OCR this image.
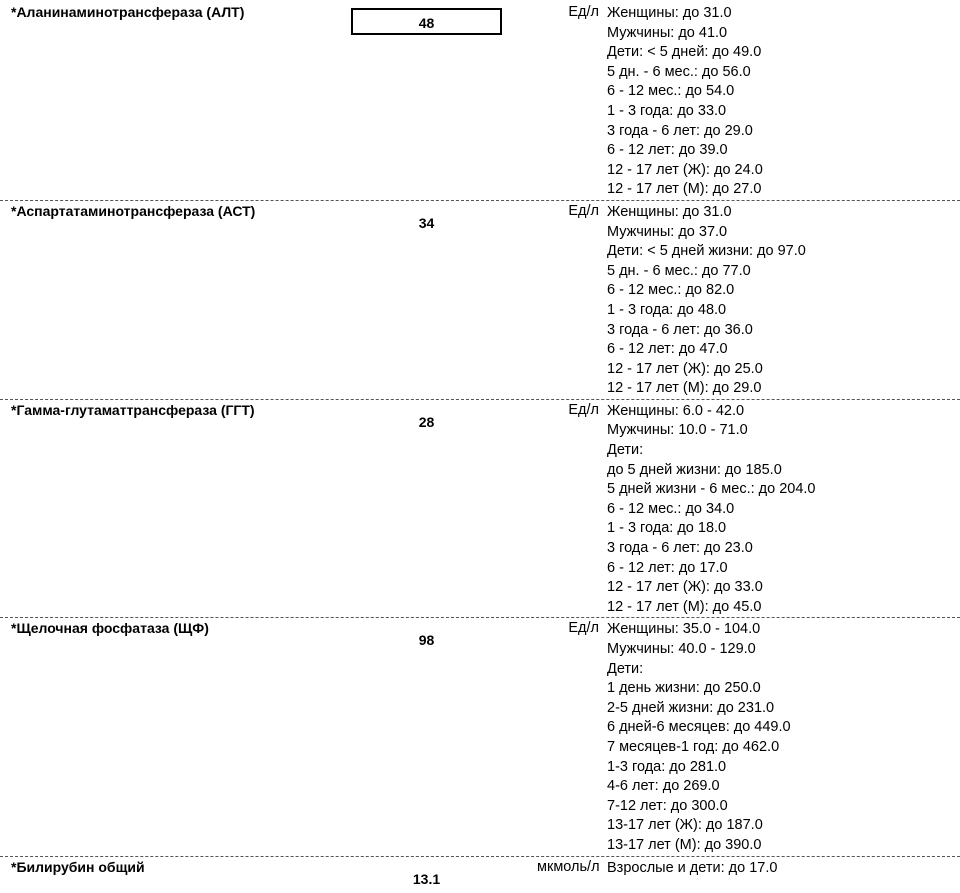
*Аланинаминотрансфераза (АЛТ)
48
Ед/л Женщины: до 31.0
Мужчины: до 41.0
Дети: < 5 дней: до 49.0
5 дн. - 6 мес.: до 56.0
6 - 12 мес.: до 54.0
1 - 3 года: до 33.0
3 года - 6 лет: до 29.0
6 - 12 лет: до 39.0
12 - 17 лет (Ж): до 24.0
12 - 17 лет (М): до 27.0
*Аспартатаминотрансфераза (АСТ)
34
Ед/л Женщины: до 31.0
Мужчины: до 37.0
Дети: < 5 дней жизни: до 97.0
5 дн. - 6 мес.: до 77.0
6 - 12 мес.: до 82.0
1 - 3 года: до 48.0
3 года - 6 лет: до 36.0
6 - 12 лет: до 47.0
12 - 17 лет (Ж): до 25.0
12 - 17 лет (М): до 29.0
*Гамма-глутаматтрансфераза (ГГТ)
28
Ед/л Женщины: 6.0 - 42.0
Мужчины: 10.0 - 71.0
Дети:
до 5 дней жизни: до 185.0
5 дней жизни - 6 мес.: до 204.0
6 - 12 мес.: до 34.0
1 - 3 года: до 18.0
3 года - 6 лет: до 23.0
6 - 12 лет: до 17.0
12 - 17 лет (Ж): до 33.0
12 - 17 лет (М): до 45.0
*Щелочная фосфатаза (ЩФ)
98
Ед/л Женщины: 35.0 - 104.0
Мужчины: 40.0 - 129.0
Дети:
1 день жизни: до 250.0
2-5 дней жизни: до 231.0
6 дней-6 месяцев: до 449.0
7 месяцев-1 год: до 462.0
1-3 года: до 281.0
4-6 лет: до 269.0
7-12 лет: до 300.0
13-17 лет (Ж): до 187.0
13-17 лет (М): до 390.0
*Билирубин общий
13.1
мкмоль/л Взрослые и дети: до 17.0
